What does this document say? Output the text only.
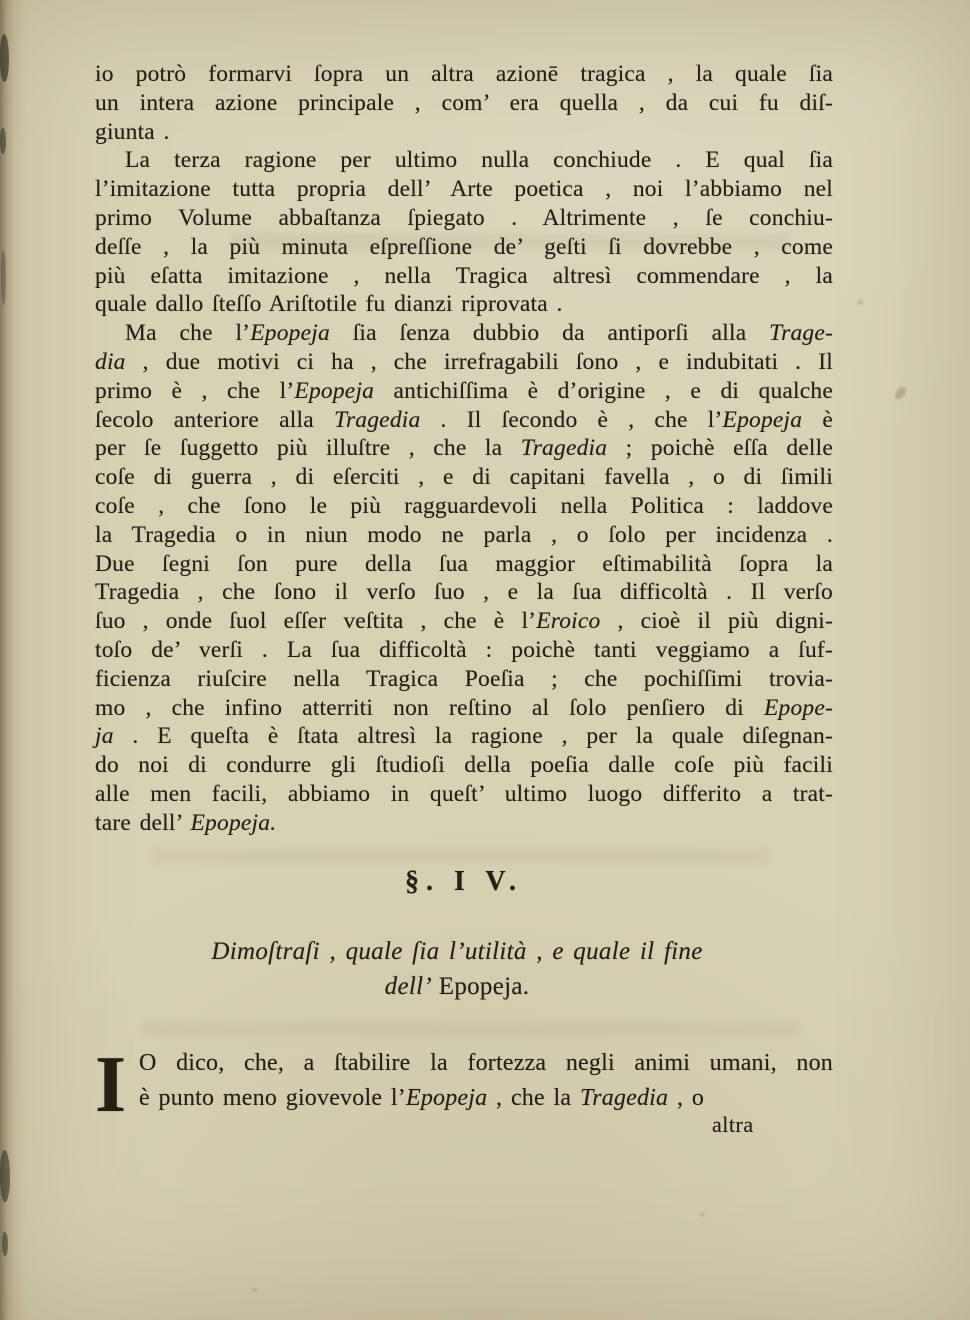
io potrò formarvi ſopra un altra azionē tragica , la quale ſia
un intera azione principale , com’ era quella , da cui fu diſ-
giunta .
La terza ragione per ultimo nulla conchiude . E qual ſia
l’imitazione tutta propria dell’ Arte poetica , noi l’abbiamo nel
primo Volume abbaſtanza ſpiegato . Altrimente , ſe conchiu-
deſſe , la più minuta eſpreſſione de’ geſti ſi dovrebbe , come
più eſatta imitazione , nella Tragica altresì commendare , la
quale dallo ſteſſo Ariſtotile fu dianzi riprovata .
Ma che l’Epopeja ſia ſenza dubbio da antiporſi alla Trage-
dia , due motivi ci ha , che irrefragabili ſono , e indubitati . Il
primo è , che l’Epopeja antichiſſima è d’origine , e di qualche
ſecolo anteriore alla Tragedia . Il ſecondo è , che l’Epopeja è
per ſe ſuggetto più illuſtre , che la Tragedia ; poichè eſſa delle
coſe di guerra , di eſerciti , e di capitani favella , o di ſimili
coſe , che ſono le più ragguardevoli nella Politica : laddove
la Tragedia o in niun modo ne parla , o ſolo per incidenza .
Due ſegni ſon pure della ſua maggior eſtimabilità ſopra la
Tragedia , che ſono il verſo ſuo , e la ſua difficoltà . Il verſo
ſuo , onde ſuol eſſer veſtita , che è l’Eroico , cioè il più digni-
toſo de’ verſi . La ſua difficoltà : poichè tanti veggiamo a ſuf-
ficienza riuſcire nella Tragica Poeſia ; che pochiſſimi trovia-
mo , che infino atterriti non reſtino al ſolo penſiero di Epope-
ja . E queſta è ſtata altresì la ragione , per la quale diſegnan-
do noi di condurre gli ſtudioſi della poeſia dalle coſe più facili
alle men facili, abbiamo in queſt’ ultimo luogo differito a trat-
tare dell’ Epopeja.
§. I V.
Dimoſtraſi , quale ſia l’utilità , e quale il fine
dell’ Epopeja.
I O dico, che, a ſtabilire la fortezza negli animi umani, non
è punto meno giovevole l’Epopeja , che la Tragedia , o
altra
